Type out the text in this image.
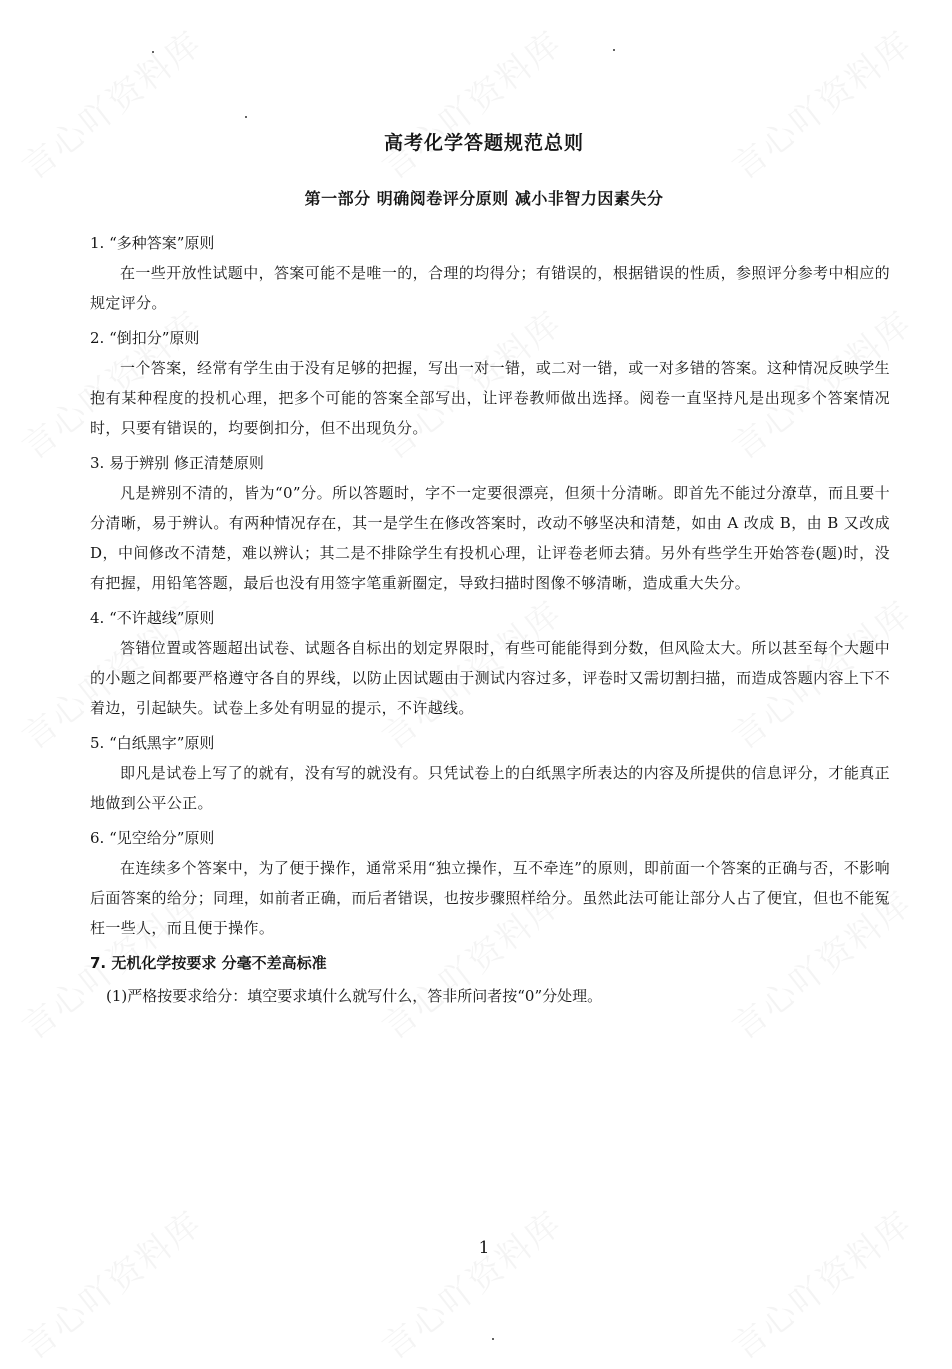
高考化学答题规范总则
第一部分 明确阅卷评分原则 减小非智力因素失分

1. “多种答案”原则

在一些开放性试题中，答案可能不是唯一的，合理的均得分；有错误的，根据错误的性质，参照评分参考中相应的规定评分。

2. “倒扣分”原则

一个答案，经常有学生由于没有足够的把握，写出一对一错，或二对一错，或一对多错的答案。这种情况反映学生抱有某种程度的投机心理，把多个可能的答案全部写出，让评卷教师做出选择。阅卷一直坚持凡是出现多个答案情况时，只要有错误的，均要倒扣分，但不出现负分。

3. 易于辨别 修正清楚原则

凡是辨别不清的，皆为“0”分。所以答题时，字不一定要很漂亮，但须十分清晰。即首先不能过分潦草，而且要十分清晰，易于辨认。有两种情况存在，其一是学生在修改答案时，改动不够坚决和清楚，如由 A 改成 B，由 B 又改成 D，中间修改不清楚，难以辨认；其二是不排除学生有投机心理，让评卷老师去猜。另外有些学生开始答卷(题)时，没有把握，用铅笔答题，最后也没有用签字笔重新圈定，导致扫描时图像不够清晰，造成重大失分。

4. “不许越线”原则

答错位置或答题超出试卷、试题各自标出的划定界限时，有些可能能得到分数，但风险太大。所以甚至每个大题中的小题之间都要严格遵守各自的界线，以防止因试题由于测试内容过多，评卷时又需切割扫描，而造成答题内容上下不着边，引起缺失。试卷上多处有明显的提示，不许越线。

5. “白纸黑字”原则

即凡是试卷上写了的就有，没有写的就没有。只凭试卷上的白纸黑字所表达的内容及所提供的信息评分，才能真正地做到公平公正。

6. “见空给分”原则

在连续多个答案中，为了便于操作，通常采用“独立操作，互不牵连”的原则，即前面一个答案的正确与否，不影响后面答案的给分；同理，如前者正确，而后者错误，也按步骤照样给分。虽然此法可能让部分人占了便宜，但也不能冤枉一些人，而且便于操作。

7. 无机化学按要求 分毫不差高标准

(1)严格按要求给分：填空要求填什么就写什么，答非所问者按“0”分处理。

1
